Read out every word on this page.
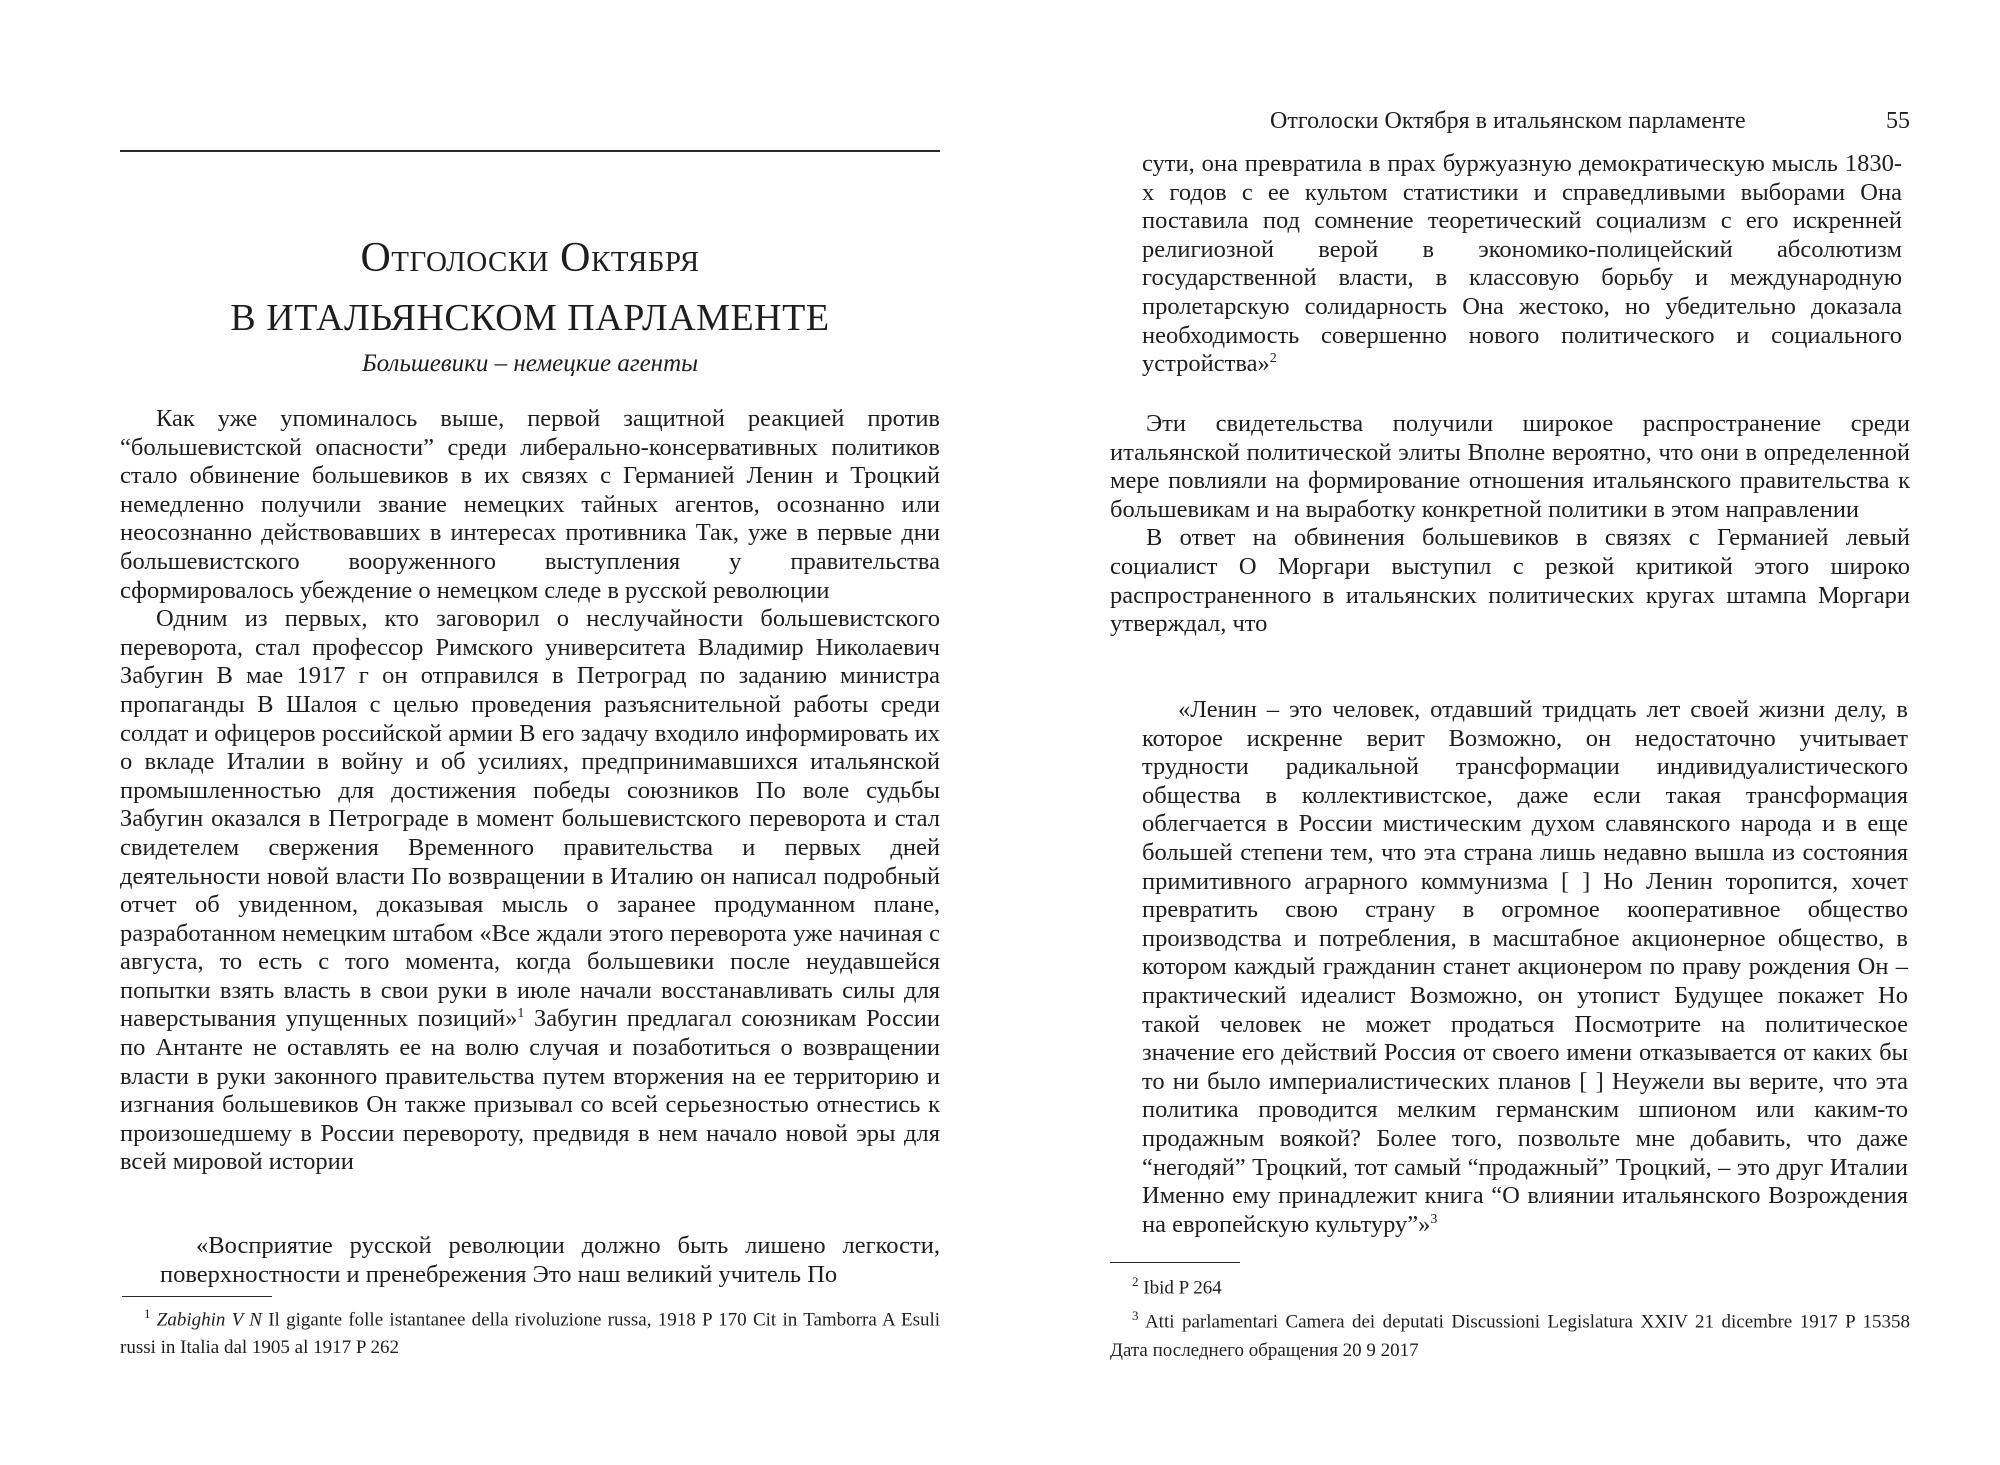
Отголоски Октября
В ИТАЛЬЯНСКОМ ПАРЛАМЕНТЕ
Большевики – немецкие агенты

Как уже упоминалось выше, первой защитной реакцией против “большевистской опасности” среди либерально-консервативных политиков стало обвинение большевиков в их связях с Германией Ленин и Троцкий немедленно получили звание немецких тайных агентов, осознанно или неосознанно действовавших в интересах противника Так, уже в первые дни большевистского вооруженного выступления у правительства сформировалось убеждение о немецком следе в русской революции

Одним из первых, кто заговорил о неслучайности большевистского переворота, стал профессор Римского университета Владимир Николаевич Забугин В мае 1917 г он отправился в Петроград по заданию министра пропаганды В Шалоя с целью проведения разъяснительной работы среди солдат и офицеров российской армии В его задачу входило информировать их о вкладе Италии в войну и об усилиях, предпринимавшихся итальянской промышленностью для достижения победы союзников По воле судьбы Забугин оказался в Петрограде в момент большевистского переворота и стал свидетелем свержения Временного правительства и первых дней деятельности новой власти По возвращении в Италию он написал подробный отчет об увиденном, доказывая мысль о заранее продуманном плане, разработанном немецким штабом «Все ждали этого переворота уже начиная с августа, то есть с того момента, когда большевики после неудавшейся попытки взять власть в свои руки в июле начали восстанавливать силы для наверстывания упущенных позиций»$^1$ Забугин предлагал союзникам России по Антанте не оставлять ее на волю случая и позаботиться о возвращении власти в руки законного правительства путем вторжения на ее территорию и изгнания большевиков Он также призывал со всей серьезностью отнестись к произошедшему в России перевороту, предвидя в нем начало новой эры для всей мировой истории

«Восприятие русской революции должно быть лишено легкости, поверхностности и пренебрежения Это наш великий учитель По

$^1$ Zabighin V N Il gigante folle istantanee della rivoluzione russa, 1918 P 170 Cit in Tamborra A Esuli russi in Italia dal 1905 al 1917 P 262

Отголоски Октября в итальянском парламенте	55

сути, она превратила в прах буржуазную демократическую мысль 1830-х годов с ее культом статистики и справедливыми выборами Она поставила под сомнение теоретический социализм с его искренней религиозной верой в экономико-полицейский абсолютизм государственной власти, в классовую борьбу и международную пролетарскую солидарность Она жестоко, но убедительно доказала необходимость совершенно нового политического и социального устройства»$^2$

Эти свидетельства получили широкое распространение среди итальянской политической элиты Вполне вероятно, что они в определенной мере повлияли на формирование отношения итальянского правительства к большевикам и на выработку конкретной политики в этом направлении

В ответ на обвинения большевиков в связях с Германией левый социалист О Моргари выступил с резкой критикой этого широко распространенного в итальянских политических кругах штампа Моргари утверждал, что

«Ленин – это человек, отдавший тридцать лет своей жизни делу, в которое искренне верит Возможно, он недостаточно учитывает трудности радикальной трансформации индивидуалистического общества в коллективистское, даже если такая трансформация облегчается в России мистическим духом славянского народа и в еще большей степени тем, что эта страна лишь недавно вышла из состояния примитивного аграрного коммунизма [ ] Но Ленин торопится, хочет превратить свою страну в огромное кооперативное общество производства и потребления, в масштабное акционерное общество, в котором каждый гражданин станет акционером по праву рождения Он – практический идеалист Возможно, он утопист Будущее покажет Но такой человек не может продаться Посмотрите на политическое значение его действий Россия от своего имени отказывается от каких бы то ни было империалистических планов [ ] Неужели вы верите, что эта политика проводится мелким германским шпионом или каким-то продажным воякой? Более того, позвольте мне добавить, что даже “негодяй” Троцкий, тот самый “продажный” Троцкий, – это друг Италии Именно ему принадлежит книга “О влиянии итальянского Возрождения на европейскую культуру”»$^3$

$^2$ Ibid P 264

$^3$ Atti parlamentari Camera dei deputati Discussioni Legislatura XXIV 21 dicembre 1917 P 15358 Дата последнего обращения 20 9 2017
